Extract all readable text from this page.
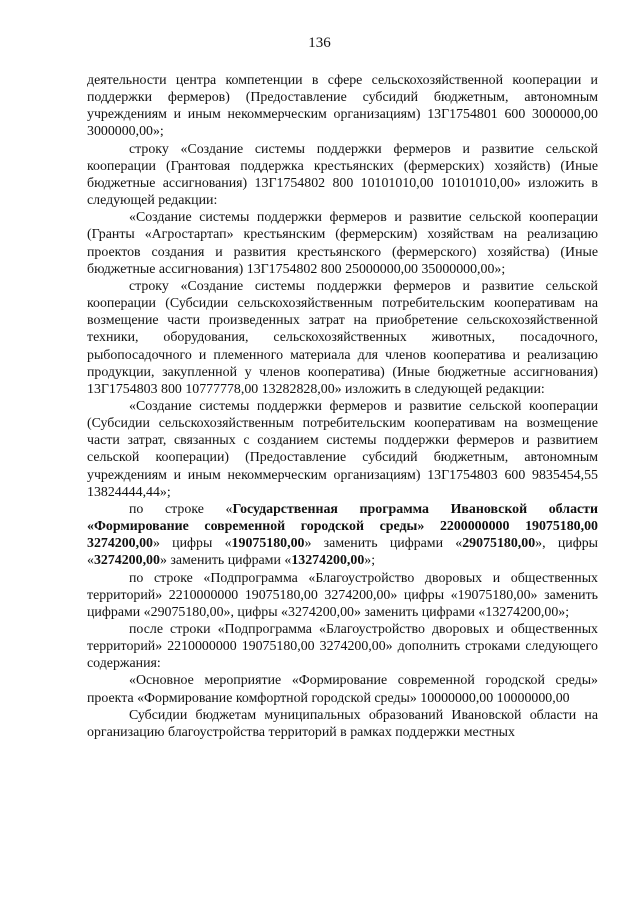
136

деятельности центра компетенции в сфере сельскохозяйственной кооперации и поддержки фермеров) (Предоставление субсидий бюджетным, автономным учреждениям и иным некоммерческим организациям) 13Г1754801 600 3000000,00 3000000,00»;

строку «Создание системы поддержки фермеров и развитие сельской кооперации (Грантовая поддержка крестьянских (фермерских) хозяйств) (Иные бюджетные ассигнования) 13Г1754802 800 10101010,00 10101010,00» изложить в следующей редакции:

«Создание системы поддержки фермеров и развитие сельской кооперации (Гранты «Агростартап» крестьянским (фермерским) хозяйствам на реализацию проектов создания и развития крестьянского (фермерского) хозяйства) (Иные бюджетные ассигнования) 13Г1754802 800 25000000,00 35000000,00»;

строку «Создание системы поддержки фермеров и развитие сельской кооперации (Субсидии сельскохозяйственным потребительским кооперативам на возмещение части произведенных затрат на приобретение сельскохозяйственной техники, оборудования, сельскохозяйственных животных, посадочного, рыбопосадочного и племенного материала для членов кооператива и реализацию продукции, закупленной у членов кооператива) (Иные бюджетные ассигнования) 13Г1754803 800 10777778,00 13282828,00» изложить в следующей редакции:

«Создание системы поддержки фермеров и развитие сельской кооперации (Субсидии сельскохозяйственным потребительским кооперативам на возмещение части затрат, связанных с созданием системы поддержки фермеров и развитием сельской кооперации) (Предоставление субсидий бюджетным, автономным учреждениям и иным некоммерческим организациям) 13Г1754803 600 9835454,55 13824444,44»;

по строке «Государственная программа Ивановской области «Формирование современной городской среды» 2200000000 19075180,00 3274200,00» цифры «19075180,00» заменить цифрами «29075180,00», цифры «3274200,00» заменить цифрами «13274200,00»;

по строке «Подпрограмма «Благоустройство дворовых и общественных территорий» 2210000000 19075180,00 3274200,00» цифры «19075180,00» заменить цифрами «29075180,00», цифры «3274200,00» заменить цифрами «13274200,00»;

после строки «Подпрограмма «Благоустройство дворовых и общественных территорий» 2210000000 19075180,00 3274200,00» дополнить строками следующего содержания:

«Основное мероприятие «Формирование современной городской среды» проекта «Формирование комфортной городской среды» 10000000,00 10000000,00

Субсидии бюджетам муниципальных образований Ивановской области на организацию благоустройства территорий в рамках поддержки местных
